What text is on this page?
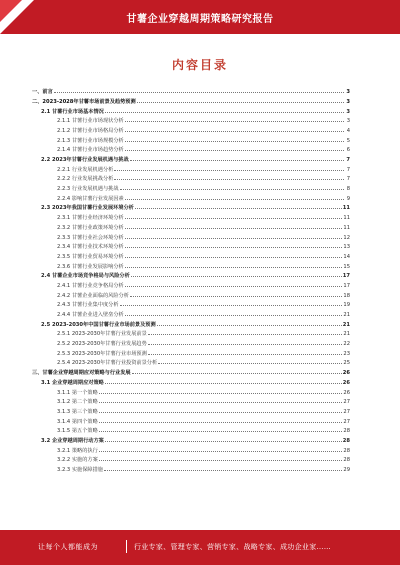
甘薯企业穿越周期策略研究报告
内容目录
一、前言	3
二、2023-2028年甘薯市场前景及趋势预测	3
2.1 甘薯行业市场基本情况	3
2.1.1 甘薯行业市场现状分析	3
2.1.2 甘薯行业市场格局分析	4
2.1.3 甘薯行业市场规模分析	5
2.1.4 甘薯行业市场趋势分析	6
2.2 2023年甘薯行业发展机遇与挑战	7
2.2.1 行业发展机遇分析	7
2.2.2 行业发展挑战分析	7
2.2.3 行业发展机遇与挑战	8
2.2.4 影响甘薯行业发展因素	9
2.3 2023年我国甘薯行业发展环境分析	11
2.3.1 甘薯行业经济环境分析	11
2.3.2 甘薯行业政策环境分析	11
2.3.3 甘薯行业社会环境分析	12
2.3.4 甘薯行业技术环境分析	13
2.3.5 甘薯行业贸易环境分析	14
2.3.6 甘薯行业发展影响分析	15
2.4 甘薯企业市场竞争格局与风险分析	17
2.4.1 甘薯行业竞争格局分析	17
2.4.2 甘薯企业面临的风险分析	18
2.4.3 甘薯行业集中度分析	19
2.4.4 甘薯企业进入壁垒分析	21
2.5 2023-2030年中国甘薯行业市场前景及预测	21
2.5.1 2023-2030年甘薯行业发展前景	21
2.5.2 2023-2030年甘薯行业发展趋势	22
2.5.3 2023-2030年甘薯行业市场预测	23
2.5.4 2023-2030年甘薯行业投资前景分析	25
三、甘薯企业穿越周期应对策略与行业发展	26
3.1 企业穿越周期应对策略	26
3.1.1 第一个策略	26
3.1.2 第二个策略	27
3.1.3 第三个策略	27
3.1.4 第四个策略	27
3.1.5 第五个策略	28
3.2 企业穿越周期行动方案	28
3.2.1 策略的执行	28
3.2.2 实施的方案	28
3.2.3 实施保障措施	29
让每个人都能成为	行业专家、管理专家、营销专家、战略专家、成功企业家……
